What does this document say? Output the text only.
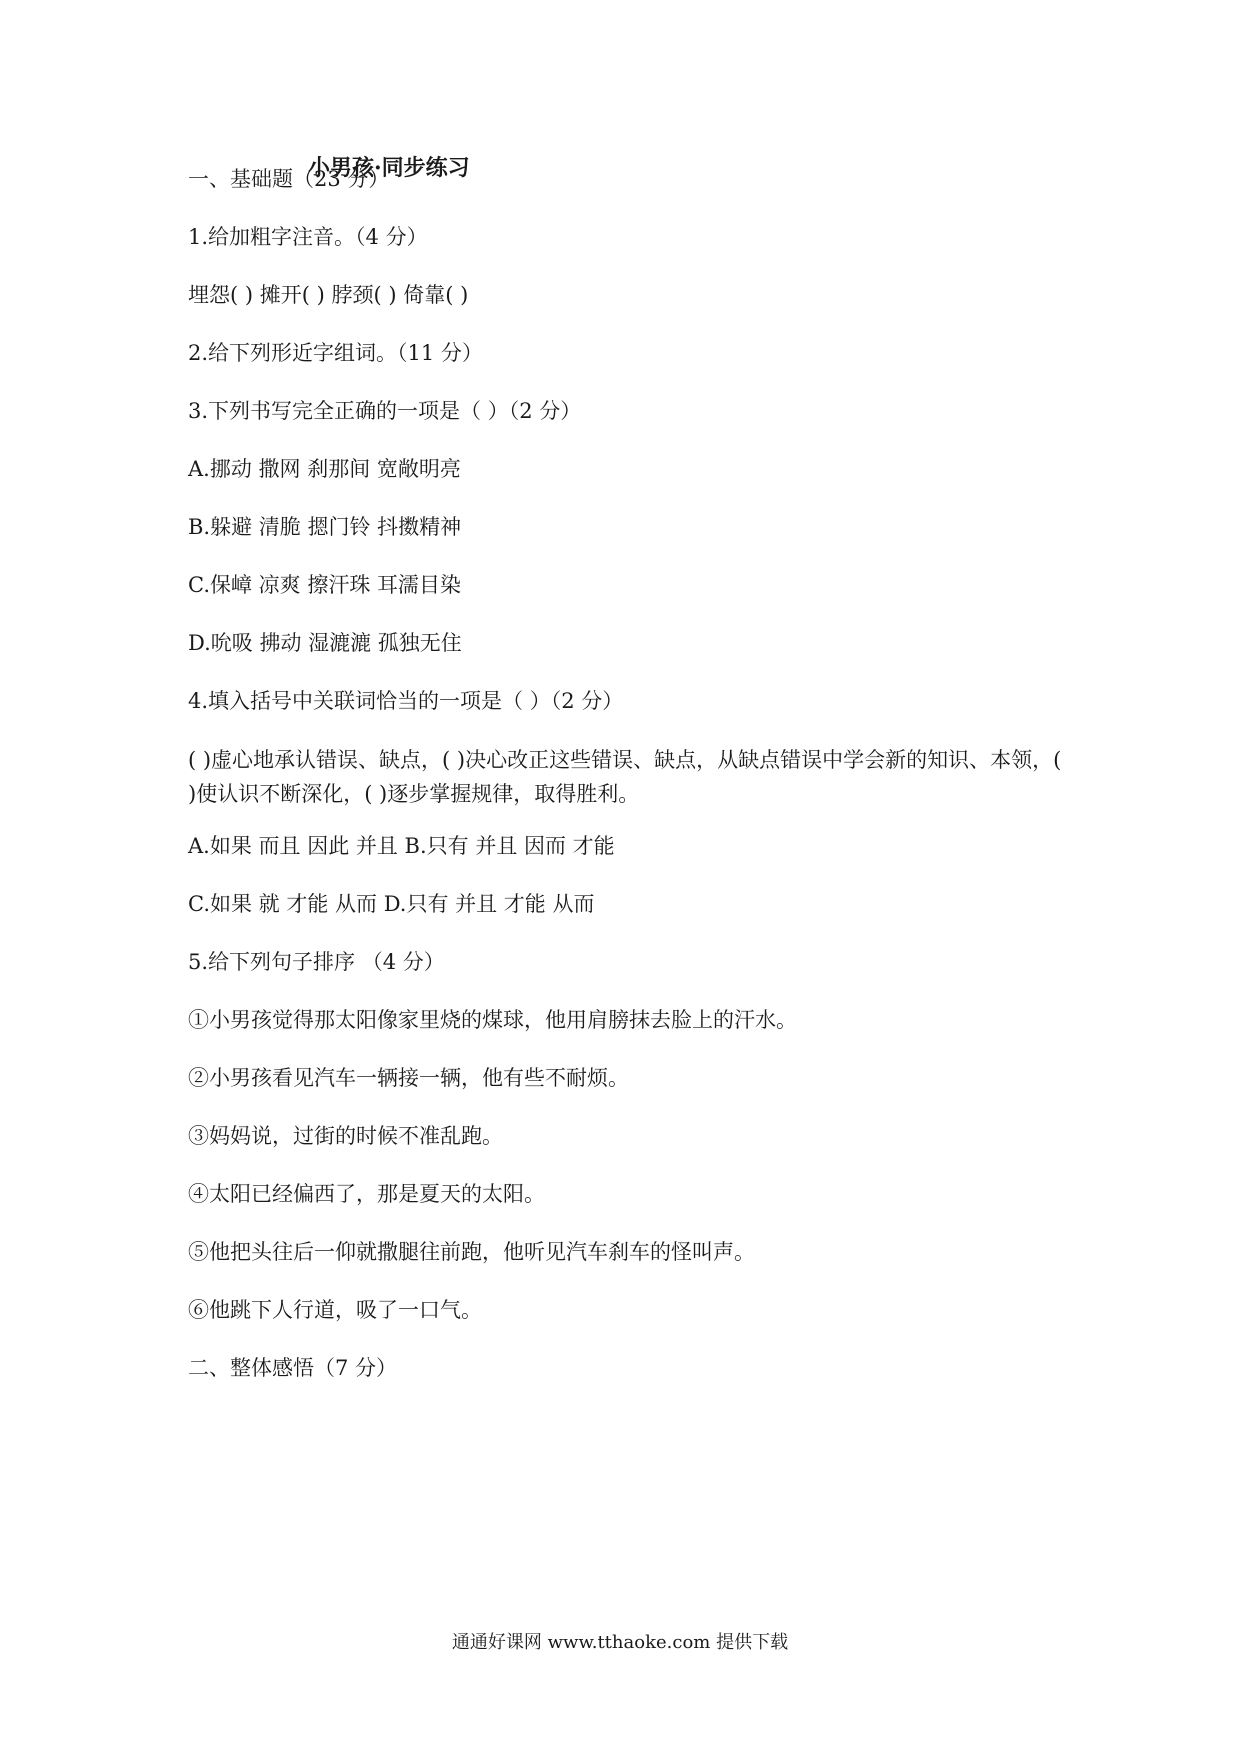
小男孩·同步练习
一、基础题（23 分）
1.给加粗字注音。（4 分）
埋怨( ) 摊开( ) 脖颈( ) 倚靠( )
2.给下列形近字组词。（11 分）
3.下列书写完全正确的一项是（ ）（2 分）
A.挪动 撒网 刹那间 宽敞明亮
B.躲避 清脆 摁门铃 抖擞精神
C.保嶂 凉爽 擦汗珠 耳濡目染
D.吮吸 拂动 湿漉漉 孤独无住
4.填入括号中关联词恰当的一项是（ ）（2 分）
( )虚心地承认错误、缺点，( )决心改正这些错误、缺点，从缺点错误中学会新的知识、本领，( )使认识不断深化，( )逐步掌握规律，取得胜利。
A.如果 而且 因此 并且 B.只有 并且 因而 才能
C.如果 就 才能 从而 D.只有 并且 才能 从而
5.给下列句子排序 （4 分）
①小男孩觉得那太阳像家里烧的煤球，他用肩膀抹去脸上的汗水。
②小男孩看见汽车一辆接一辆，他有些不耐烦。
③妈妈说，过街的时候不准乱跑。
④太阳已经偏西了，那是夏天的太阳。
⑤他把头往后一仰就撒腿往前跑，他听见汽车刹车的怪叫声。
⑥他跳下人行道，吸了一口气。
二、整体感悟（7 分）
通通好课网 www.tthaoke.com 提供下载
